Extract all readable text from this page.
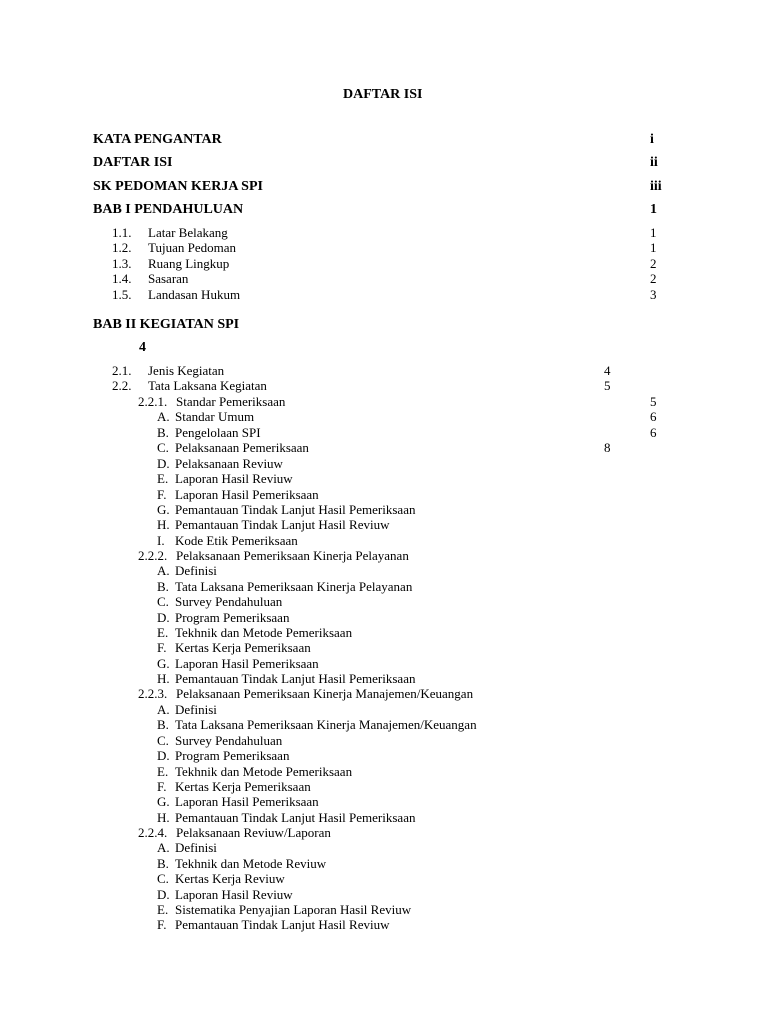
DAFTAR ISI
KATA PENGANTAR	i
DAFTAR ISI	ii
SK PEDOMAN KERJA SPI	iii
BAB I PENDAHULUAN	1
1.1. Latar Belakang	1
1.2. Tujuan Pedoman	1
1.3. Ruang Lingkup	2
1.4. Sasaran	2
1.5. Landasan Hukum	3
BAB II KEGIATAN SPI
4
2.1. Jenis Kegiatan	4
2.2. Tata Laksana Kegiatan	5
2.2.1. Standar Pemeriksaan	5
A. Standar Umum	6
B. Pengelolaan SPI	6
C. Pelaksanaan Pemeriksaan	8
D. Pelaksanaan Reviuw
E. Laporan Hasil Reviuw
F. Laporan Hasil Pemeriksaan
G. Pemantauan Tindak Lanjut Hasil Pemeriksaan
H. Pemantauan Tindak Lanjut Hasil Reviuw
I. Kode Etik Pemeriksaan
2.2.2. Pelaksanaan Pemeriksaan Kinerja Pelayanan
A. Definisi
B. Tata Laksana Pemeriksaan Kinerja Pelayanan
C. Survey Pendahuluan
D. Program Pemeriksaan
E. Tekhnik dan Metode Pemeriksaan
F. Kertas Kerja Pemeriksaan
G. Laporan Hasil Pemeriksaan
H. Pemantauan Tindak Lanjut Hasil Pemeriksaan
2.2.3. Pelaksanaan Pemeriksaan Kinerja Manajemen/Keuangan
A. Definisi
B. Tata Laksana Pemeriksaan Kinerja Manajemen/Keuangan
C. Survey Pendahuluan
D. Program Pemeriksaan
E. Tekhnik dan Metode Pemeriksaan
F. Kertas Kerja Pemeriksaan
G. Laporan Hasil Pemeriksaan
H. Pemantauan Tindak Lanjut Hasil Pemeriksaan
2.2.4. Pelaksanaan Reviuw/Laporan
A. Definisi
B. Tekhnik dan Metode Reviuw
C. Kertas Kerja Reviuw
D. Laporan Hasil Reviuw
E. Sistematika Penyajian Laporan Hasil Reviuw
F. Pemantauan Tindak Lanjut Hasil Reviuw
